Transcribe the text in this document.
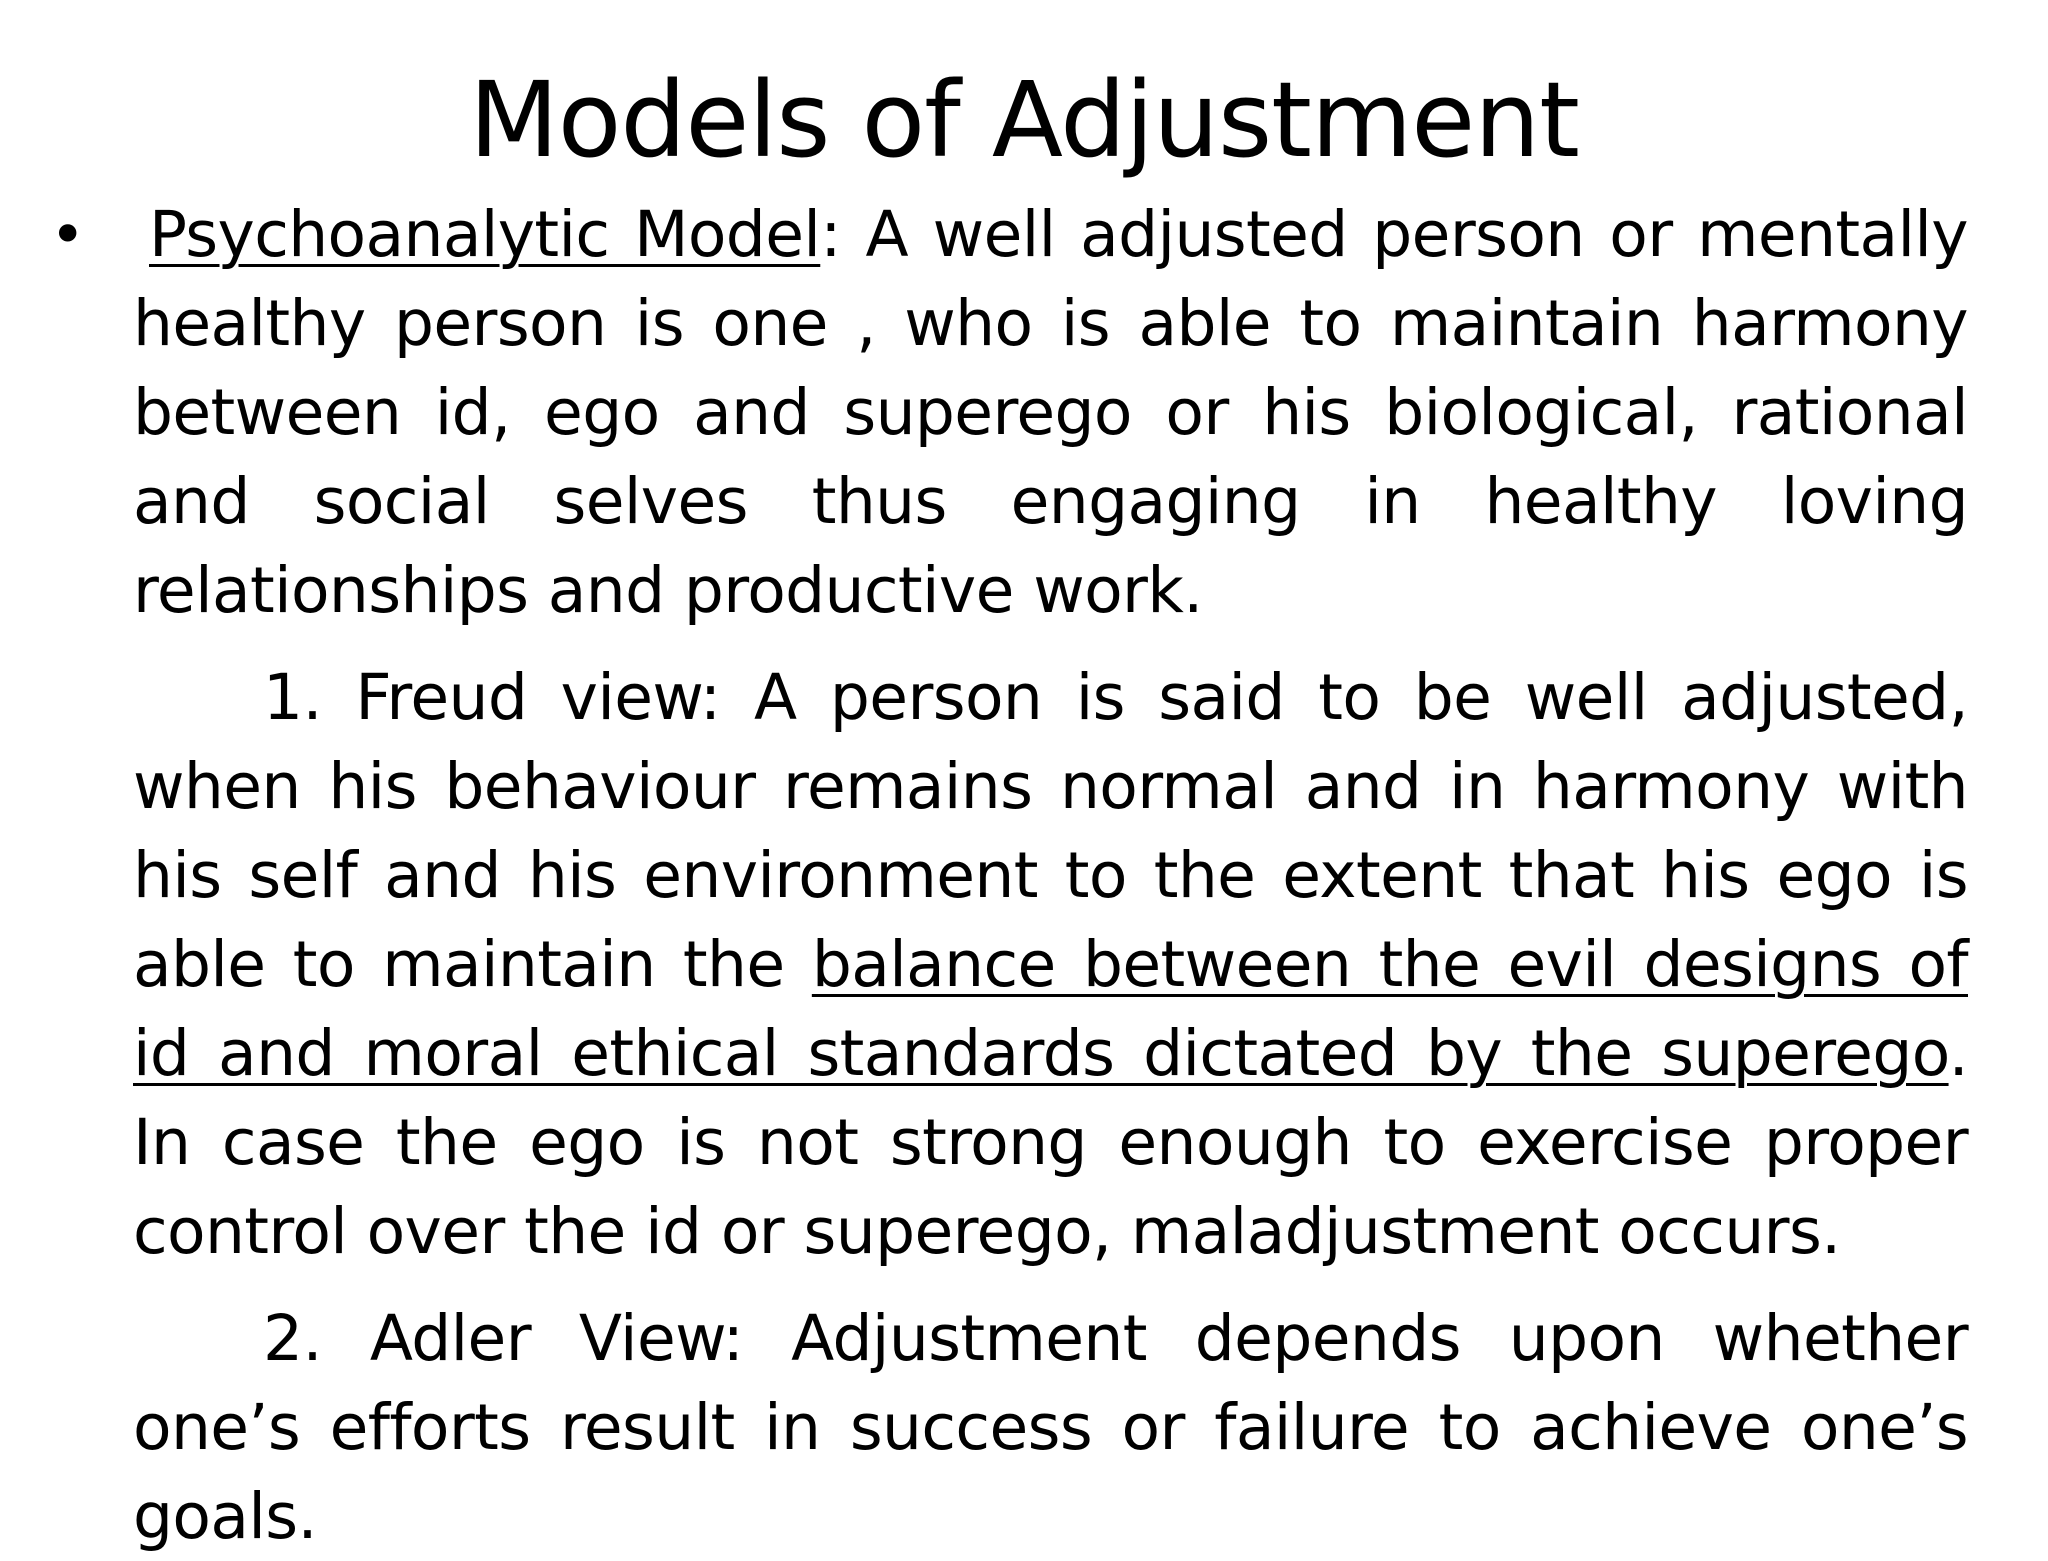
Models of Adjustment
• Psychoanalytic Model: A well adjusted person or mentally healthy person is one , who is able to maintain harmony between id, ego and superego or his biological, rational and social selves thus engaging in healthy loving relationships and productive work.

1. Freud view: A person is said to be well adjusted, when his behaviour remains normal and in harmony with his self and his environment to the extent that his ego is able to maintain the balance between the evil designs of id and moral ethical standards dictated by the superego. In case the ego is not strong enough to exercise proper control over the id or superego, maladjustment occurs.

2. Adler View: Adjustment depends upon whether one’s efforts result in success or failure to achieve one’s goals.
